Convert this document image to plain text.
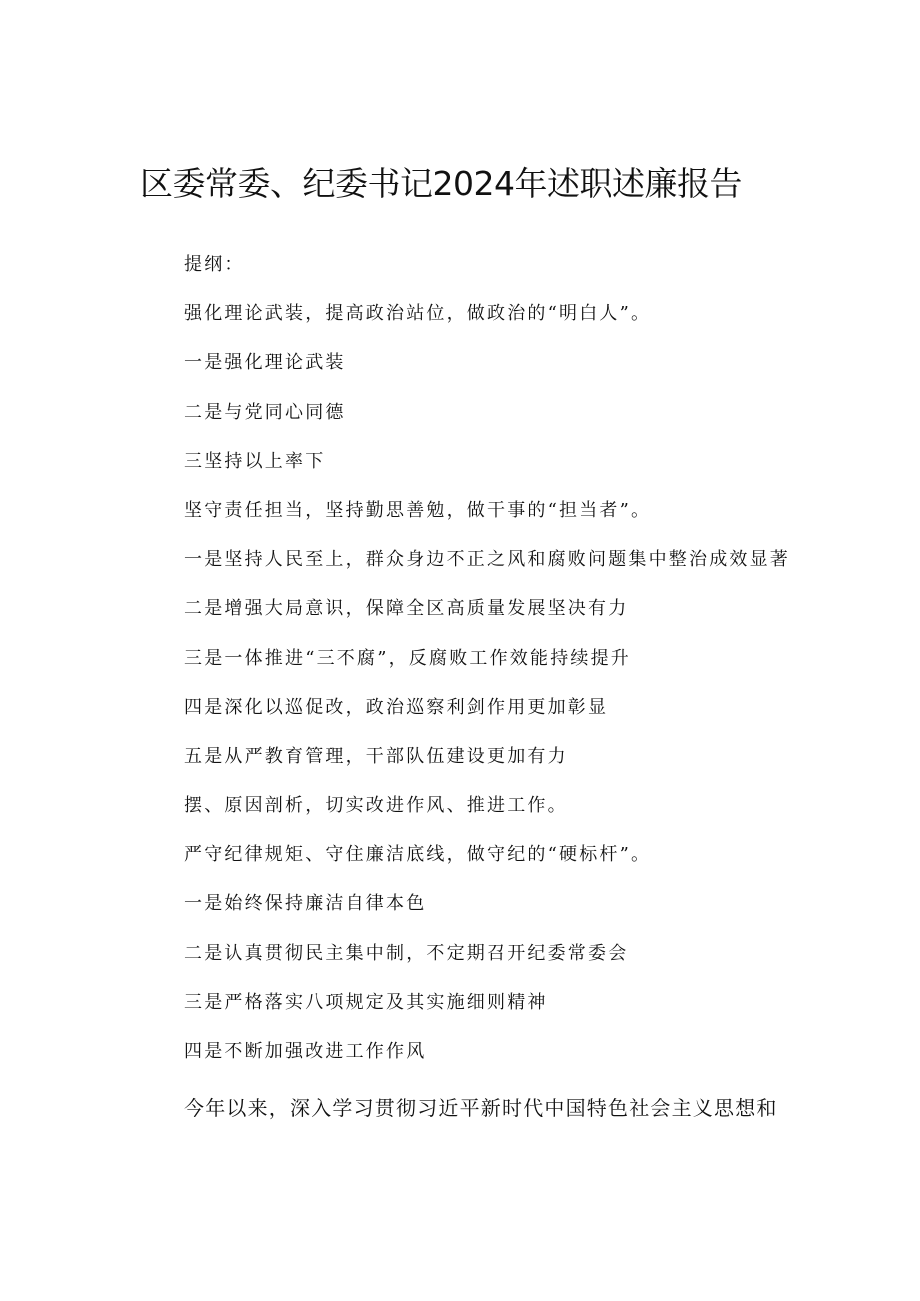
区委常委、纪委书记2024年述职述廉报告

提纲：

强化理论武装，提高政治站位，做政治的“明白人”。

一是强化理论武装

二是与党同心同德

三坚持以上率下

坚守责任担当，坚持勤思善勉，做干事的“担当者”。

一是坚持人民至上，群众身边不正之风和腐败问题集中整治成效显著

二是增强大局意识，保障全区高质量发展坚决有力

三是一体推进“三不腐”，反腐败工作效能持续提升

四是深化以巡促改，政治巡察利剑作用更加彰显

五是从严教育管理，干部队伍建设更加有力

摆、原因剖析，切实改进作风、推进工作。

严守纪律规矩、守住廉洁底线，做守纪的“硬标杆”。

一是始终保持廉洁自律本色

二是认真贯彻民主集中制，不定期召开纪委常委会

三是严格落实八项规定及其实施细则精神

四是不断加强改进工作作风

今年以来，深入学习贯彻习近平新时代中国特色社会主义思想和
